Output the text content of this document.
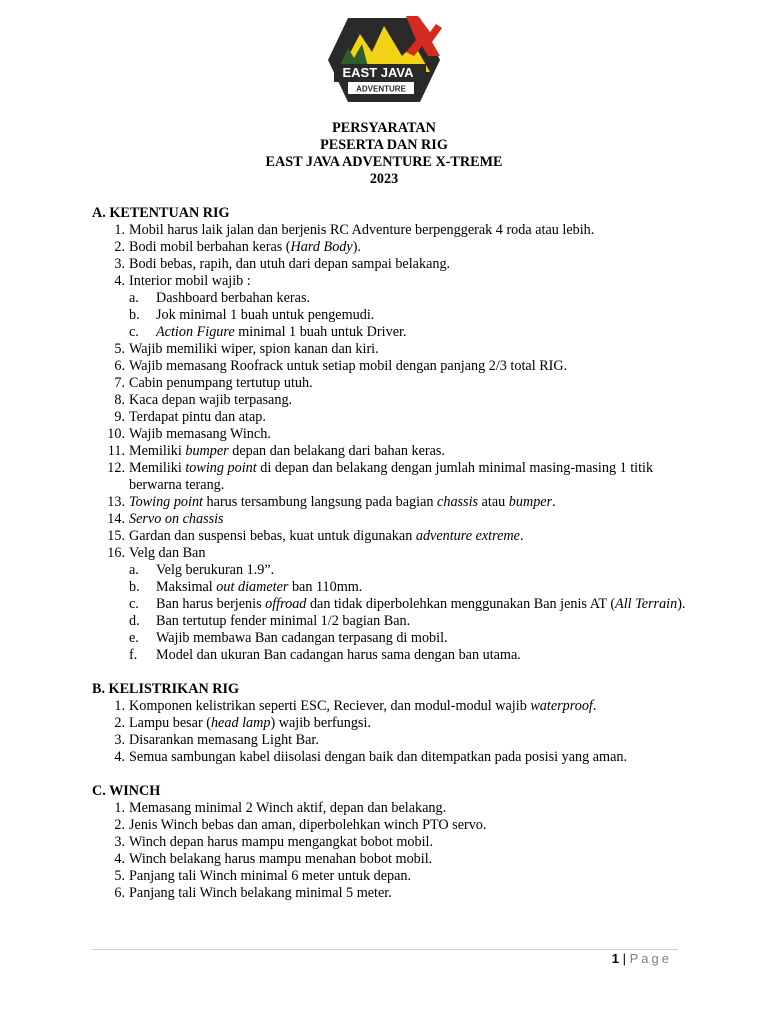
EAST JAVA
ADVENTURE
PERSYARATAN
PESERTA DAN RIG
EAST JAVA ADVENTURE X-TREME
2023
A. KETENTUAN RIG
1. Mobil harus laik jalan dan berjenis RC Adventure berpenggerak 4 roda atau lebih.
2. Bodi mobil berbahan keras (Hard Body).
3. Bodi bebas, rapih, dan utuh dari depan sampai belakang.
4. Interior mobil wajib :
a.	Dashboard berbahan keras.
b.	Jok minimal 1 buah untuk pengemudi.
c.	Action Figure minimal 1 buah untuk Driver.
5. Wajib memiliki wiper, spion kanan dan kiri.
6. Wajib memasang Roofrack untuk setiap mobil dengan panjang 2/3 total RIG.
7. Cabin penumpang tertutup utuh.
8. Kaca depan wajib terpasang.
9. Terdapat pintu dan atap.
10. Wajib memasang Winch.
11. Memiliki bumper depan dan belakang dari bahan keras.
12. Memiliki towing point di depan dan belakang dengan jumlah minimal masing-masing 1 titik berwarna terang.
13. Towing point harus tersambung langsung pada bagian chassis atau bumper.
14. Servo on chassis
15. Gardan dan suspensi bebas, kuat untuk digunakan adventure extreme.
16. Velg dan Ban
a.	Velg berukuran 1.9”.
b.	Maksimal out diameter ban 110mm.
c.	Ban harus berjenis offroad dan tidak diperbolehkan menggunakan Ban jenis AT (All Terrain).
d.	Ban tertutup fender minimal 1/2 bagian Ban.
e.	Wajib membawa Ban cadangan terpasang di mobil.
f.	Model dan ukuran Ban cadangan harus sama dengan ban utama.
B. KELISTRIKAN RIG
1. Komponen kelistrikan seperti ESC, Reciever, dan modul-modul wajib waterproof.
2. Lampu besar (head lamp) wajib berfungsi.
3. Disarankan memasang Light Bar.
4. Semua sambungan kabel diisolasi dengan baik dan ditempatkan pada posisi yang aman.
C. WINCH
1. Memasang minimal 2 Winch aktif, depan dan belakang.
2. Jenis Winch bebas dan aman, diperbolehkan winch PTO servo.
3. Winch depan harus mampu mengangkat bobot mobil.
4. Winch belakang harus mampu menahan bobot mobil.
5. Panjang tali Winch minimal 6 meter untuk depan.
6. Panjang tali Winch belakang minimal 5 meter.
1 | Page
